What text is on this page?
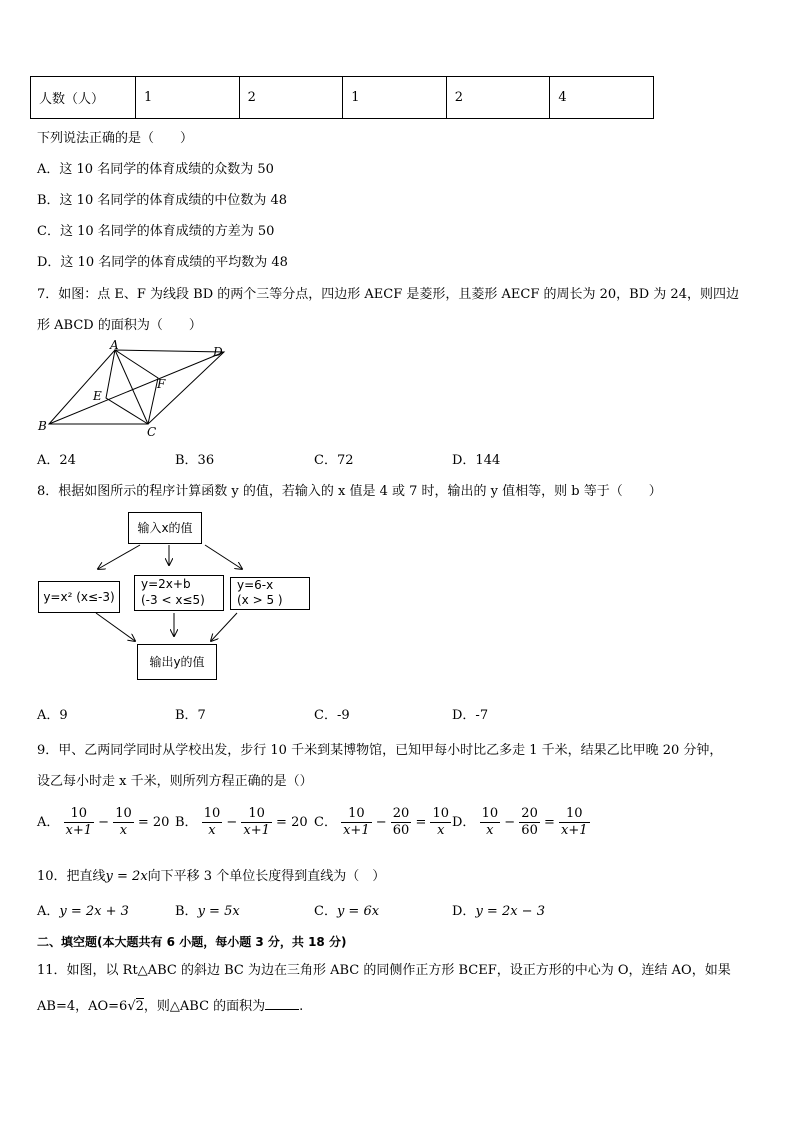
人数（人）	1	2	1	2	4
下列说法正确的是（　　）
A．这 10 名同学的体育成绩的众数为 50
B．这 10 名同学的体育成绩的中位数为 48
C．这 10 名同学的体育成绩的方差为 50
D．这 10 名同学的体育成绩的平均数为 48
7．如图：点 E、F 为线段 BD 的两个三等分点，四边形 AECF 是菱形，且菱形 AECF 的周长为 20，BD 为 24，则四边
形 ABCD 的面积为（　　）
A
B	C
D
E
F
A．24	B．36	C．72	D．144
8．根据如图所示的程序计算函数 y 的值，若输入的 x 值是 4 或 7 时，输出的 y 值相等，则 b 等于（　　）
输入x的值
y=x² (x≤-3)
y=2x+b
(-3 < x≤5)
y=6-x
(x > 5 )
输出y的值
A．9	B．7	C．-9	D．-7
9．甲、乙两同学同时从学校出发，步行 10 千米到某博物馆，已知甲每小时比乙多走 1 千米，结果乙比甲晚 20 分钟，
设乙每小时走 x 千米，则所列方程正确的是（）
A． $\frac{10}{x+1} - \frac{10}{x} = 20$ B． $\frac{10}{x} - \frac{10}{x+1} = 20$ C． $\frac{10}{x+1} - \frac{20}{60} = \frac{10}{x}$ D． $\frac{10}{x} - \frac{20}{60} = \frac{10}{x+1}$
10．把直线y = 2x向下平移 3 个单位长度得到直线为（　）
A．y = 2x + 3	B．y = 5x	C．y = 6x	D．y = 2x − 3
二、填空题(本大题共有 6 小题，每小题 3 分，共 18 分)
11．如图，以 Rt△ABC 的斜边 BC 为边在三角形 ABC 的同侧作正方形 BCEF，设正方形的中心为 O，连结 AO，如果
AB=4，AO=6√2，则△ABC 的面积为	.
